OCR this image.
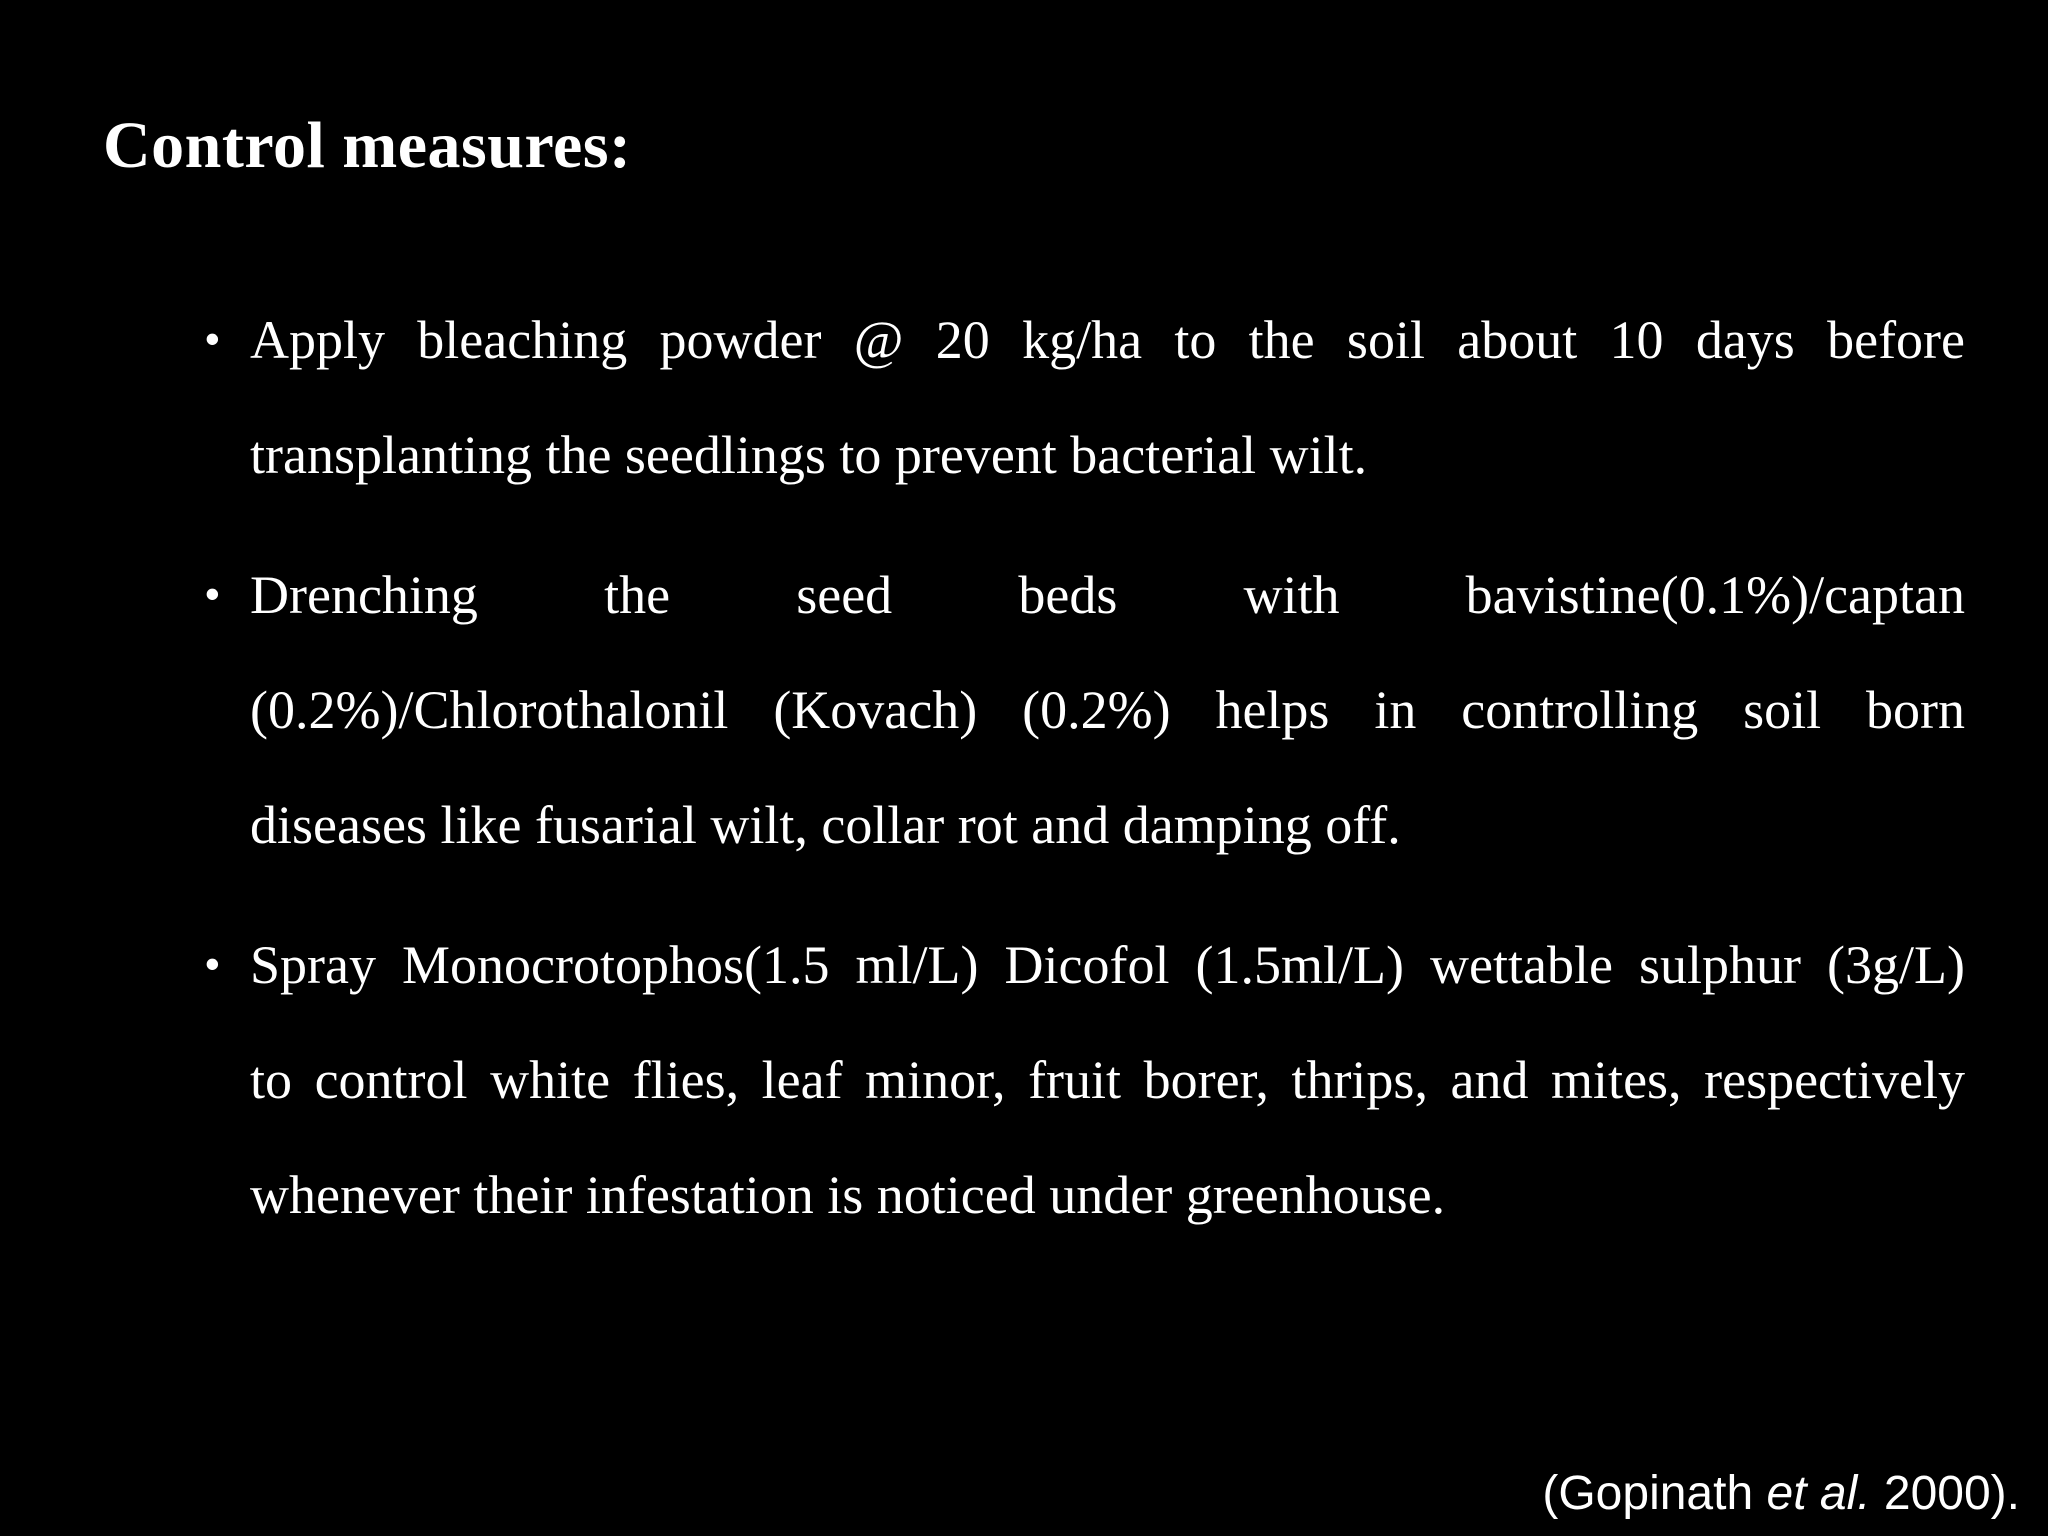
Control measures:
• Apply bleaching powder @ 20 kg/ha to the soil about 10 days before
transplanting the seedlings to prevent bacterial wilt.
• Drenching the seed beds with bavistine(0.1%)/captan
(0.2%)/Chlorothalonil (Kovach) (0.2%) helps in controlling soil born
diseases like fusarial wilt, collar rot and damping off.
• Spray Monocrotophos(1.5 ml/L) Dicofol (1.5ml/L) wettable sulphur (3g/L)
to control white flies, leaf minor, fruit borer, thrips, and mites, respectively
whenever their infestation is noticed under greenhouse.
(Gopinath et al. 2000).
